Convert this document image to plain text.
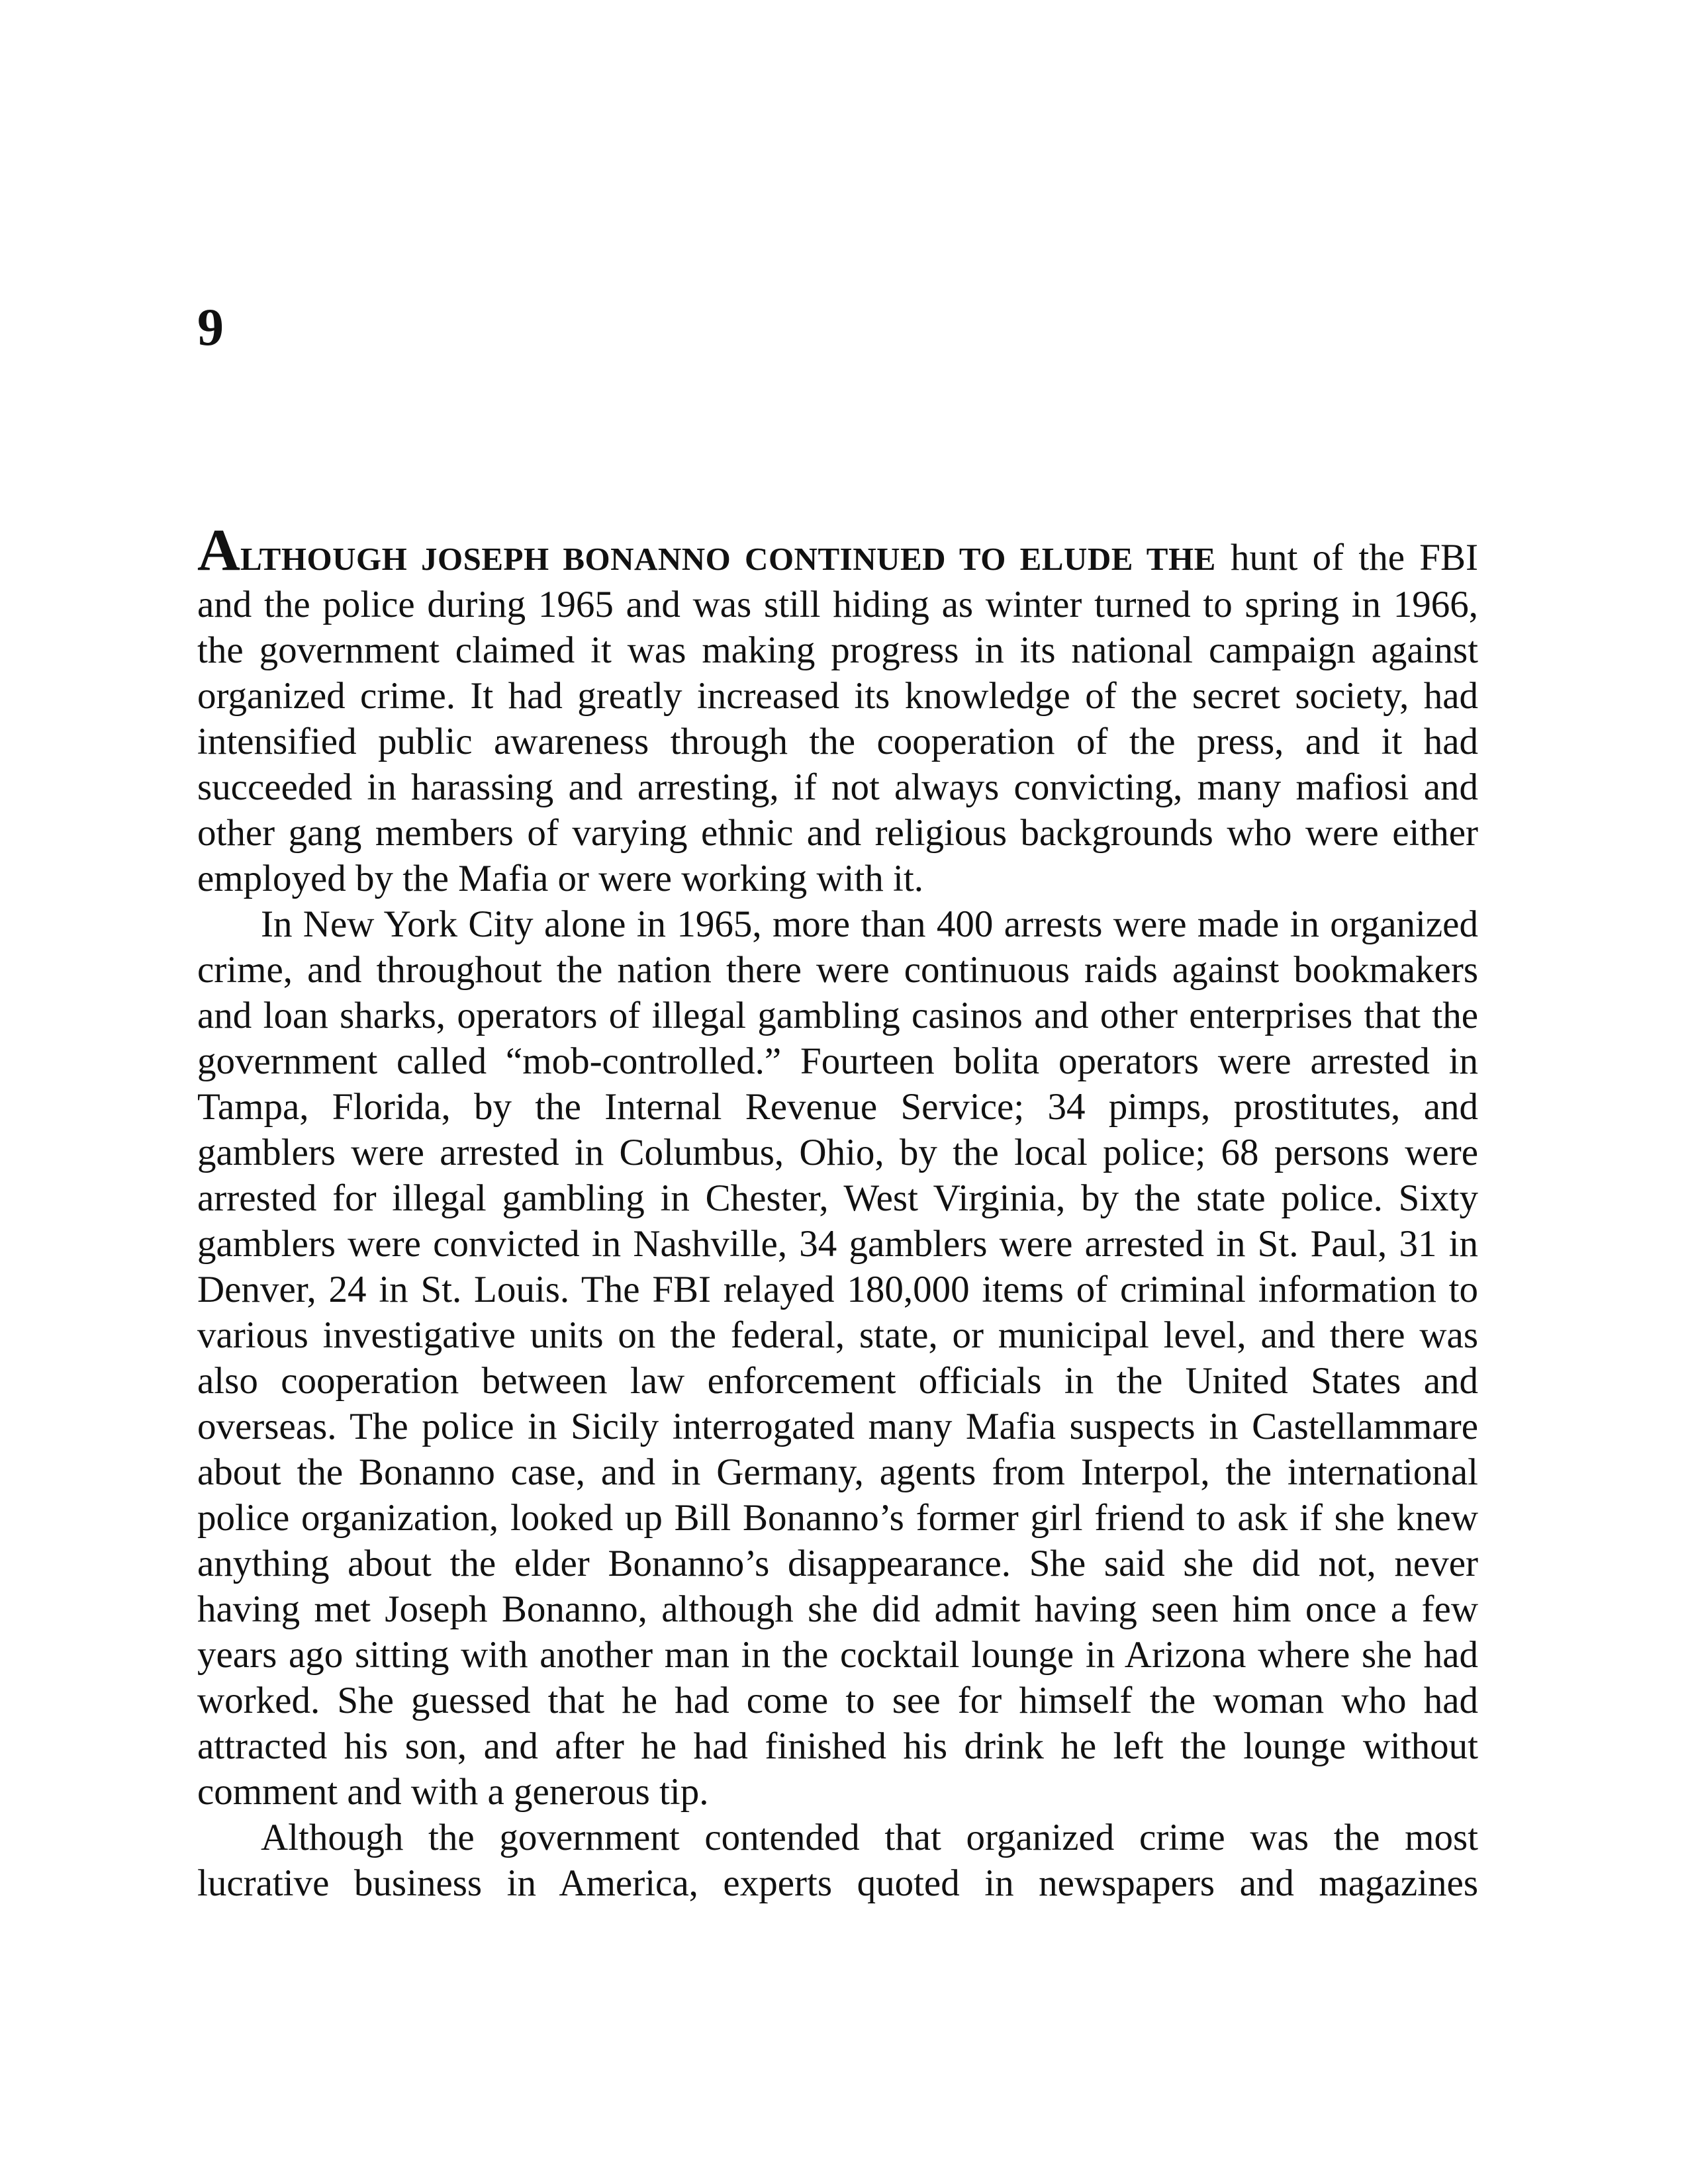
9

ALTHOUGH JOSEPH BONANNO CONTINUED TO ELUDE THE hunt of the FBI and the police during 1965 and was still hiding as winter turned to spring in 1966, the government claimed it was making progress in its national campaign against organized crime. It had greatly increased its knowledge of the secret society, had intensified public awareness through the cooperation of the press, and it had succeeded in harassing and arresting, if not always convicting, many mafiosi and other gang members of varying ethnic and religious backgrounds who were either employed by the Mafia or were working with it.

In New York City alone in 1965, more than 400 arrests were made in organized crime, and throughout the nation there were continuous raids against bookmakers and loan sharks, operators of illegal gambling casinos and other enterprises that the government called “mob-controlled.” Fourteen bolita operators were arrested in Tampa, Florida, by the Internal Revenue Service; 34 pimps, prostitutes, and gamblers were arrested in Columbus, Ohio, by the local police; 68 persons were arrested for illegal gambling in Chester, West Virginia, by the state police. Sixty gamblers were convicted in Nashville, 34 gamblers were arrested in St. Paul, 31 in Denver, 24 in St. Louis. The FBI relayed 180,000 items of criminal information to various investigative units on the federal, state, or municipal level, and there was also cooperation between law enforcement officials in the United States and overseas. The police in Sicily interrogated many Mafia suspects in Castellammare about the Bonanno case, and in Germany, agents from Interpol, the international police organization, looked up Bill Bonanno’s former girl friend to ask if she knew anything about the elder Bonanno’s disappearance. She said she did not, never having met Joseph Bonanno, although she did admit having seen him once a few years ago sitting with another man in the cocktail lounge in Arizona where she had worked. She guessed that he had come to see for himself the woman who had attracted his son, and after he had finished his drink he left the lounge without comment and with a generous tip.

Although the government contended that organized crime was the most lucrative business in America, experts quoted in newspapers and magazines
